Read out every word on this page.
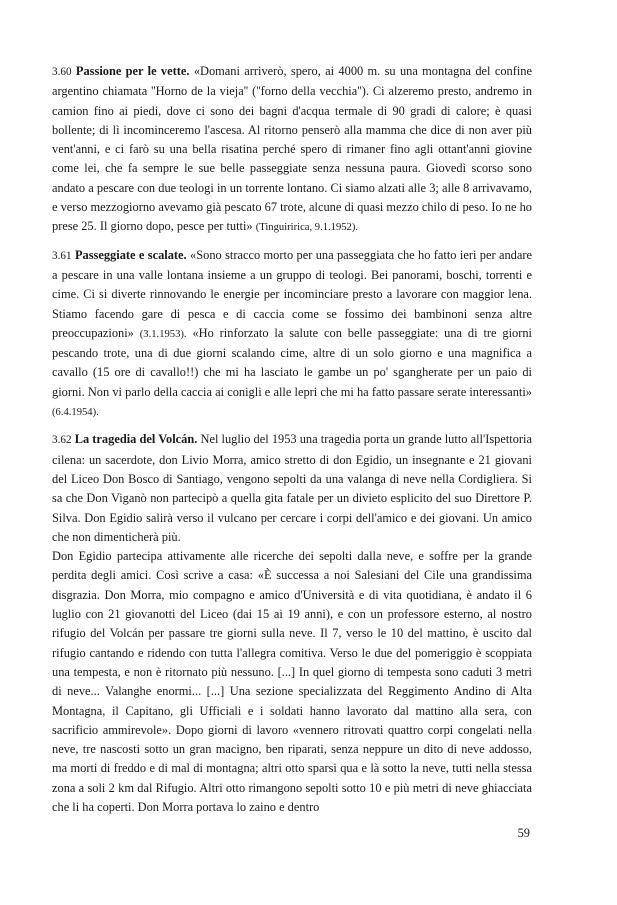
3.60 Passione per le vette. «Domani arriverò, spero, ai 4000 m. su una montagna del confine argentino chiamata ''Horno de la vieja'' (''forno della vecchia''). Ci alzeremo presto, andremo in camion fino ai piedi, dove ci sono dei bagni d'acqua termale di 90 gradi di calore; è quasi bollente; di lì incominceremo l'ascesa. Al ritorno penserò alla mamma che dice di non aver più vent'anni, e ci farò su una bella risatina perché spero di rimaner fino agli ottant'anni giovine come lei, che fa sempre le sue belle passeggiate senza nessuna paura. Giovedì scorso sono andato a pescare con due teologi in un torrente lontano. Ci siamo alzati alle 3; alle 8 arrivavamo, e verso mezzogiorno avevamo già pescato 67 trote, alcune di quasi mezzo chilo di peso. Io ne ho prese 25. Il giorno dopo, pesce per tutti» (Tinguiririca, 9.1.1952).

3.61 Passeggiate e scalate. «Sono stracco morto per una passeggiata che ho fatto ieri per andare a pescare in una valle lontana insieme a un gruppo di teologi. Bei panorami, boschi, torrenti e cime. Ci si diverte rinnovando le energie per incominciare presto a lavorare con maggior lena. Stiamo facendo gare di pesca e di caccia come se fossimo dei bambinoni senza altre preoccupazioni» (3.1.1953). «Ho rinforzato la salute con belle passeggiate: una di tre giorni pescando trote, una di due giorni scalando cime, altre di un solo giorno e una magnifica a cavallo (15 ore di cavallo!!) che mi ha lasciato le gambe un po' sgangherate per un paio di giorni. Non vi parlo della caccia ai conigli e alle lepri che mi ha fatto passare serate interessanti» (6.4.1954).

3.62 La tragedia del Volcán. Nel luglio del 1953 una tragedia porta un grande lutto all'Ispettoria cilena: un sacerdote, don Livio Morra, amico stretto di don Egidio, un insegnante e 21 giovani del Liceo Don Bosco di Santiago, vengono sepolti da una valanga di neve nella Cordigliera. Si sa che Don Viganò non partecipò a quella gita fatale per un divieto esplicito del suo Direttore P. Silva. Don Egidio salirà verso il vulcano per cercare i corpi dell'amico e dei giovani. Un amico che non dimenticherà più.

Don Egidio partecipa attivamente alle ricerche dei sepolti dalla neve, e soffre per la grande perdita degli amici. Così scrive a casa: «È successa a noi Salesiani del Cile una grandissima disgrazia. Don Morra, mio compagno e amico d'Università e di vita quotidiana, è andato il 6 luglio con 21 giovanotti del Liceo (dai 15 ai 19 anni), e con un professore esterno, al nostro rifugio del Volcán per passare tre giorni sulla neve. Il 7, verso le 10 del mattino, è uscito dal rifugio cantando e ridendo con tutta l'allegra comitiva. Verso le due del pomeriggio è scoppiata una tempesta, e non è ritornato più nessuno. [...] In quel giorno di tempesta sono caduti 3 metri di neve... Valanghe enormi... [...] Una sezione specializzata del Reggimento Andino di Alta Montagna, il Capitano, gli Ufficiali e i soldati hanno lavorato dal mattino alla sera, con sacrificio ammirevole». Dopo giorni di lavoro «vennero ritrovati quattro corpi congelati nella neve, tre nascosti sotto un gran macigno, ben riparati, senza neppure un dito di neve addosso, ma morti di freddo e di mal di montagna; altri otto sparsi qua e là sotto la neve, tutti nella stessa zona a soli 2 km dal Rifugio. Altri otto rimangono sepolti sotto 10 e più metri di neve ghiacciata che li ha coperti. Don Morra portava lo zaino e dentro

59
